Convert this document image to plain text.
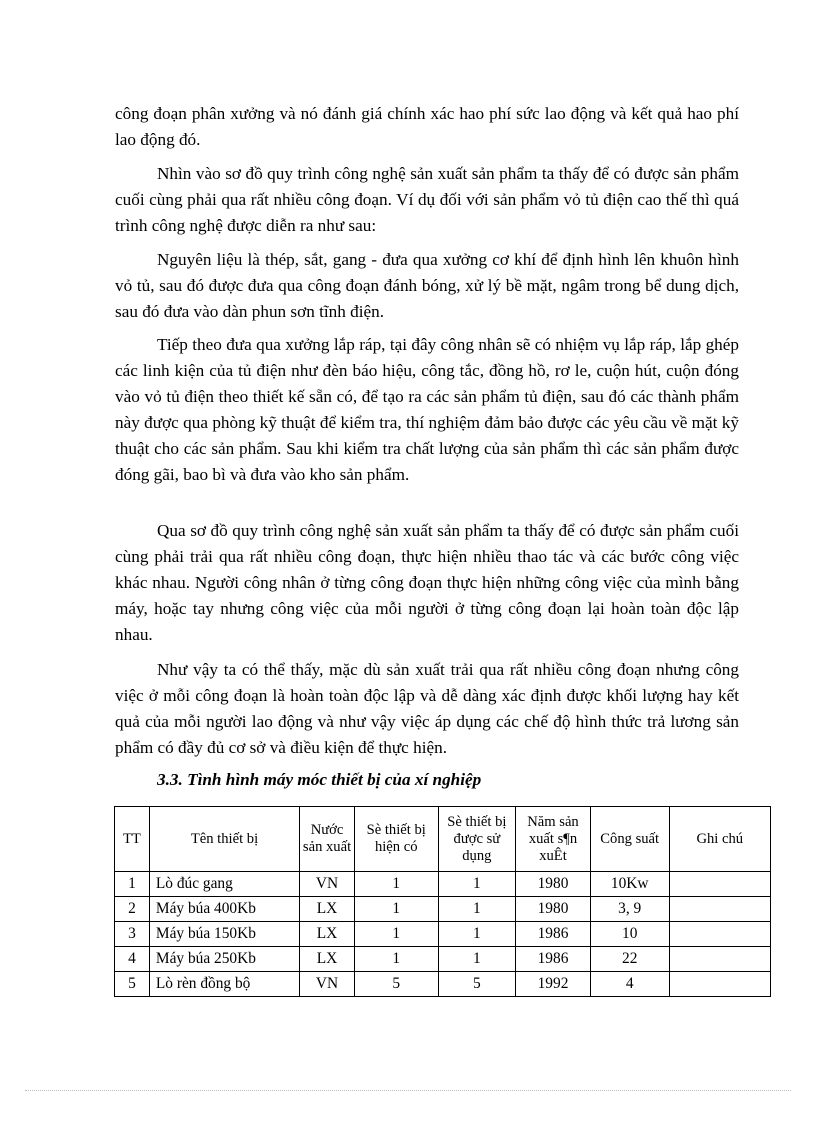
công đoạn phân xưởng và nó đánh giá chính xác hao phí sức lao động và kết quả hao phí lao động đó.

Nhìn vào sơ đồ quy trình công nghệ sản xuất sản phẩm ta thấy để có được sản phẩm cuối cùng phải qua rất nhiều công đoạn. Ví dụ đối với sản phẩm vỏ tủ điện cao thế thì quá trình công nghệ được diễn ra như sau:

Nguyên liệu là thép, sắt, gang - đưa qua xưởng cơ khí để định hình lên khuôn hình vỏ tủ, sau đó được đưa qua công đoạn đánh bóng, xử lý bề mặt, ngâm trong bể dung dịch, sau đó đưa vào dàn phun sơn tĩnh điện.

Tiếp theo đưa qua xưởng lắp ráp, tại đây công nhân sẽ có nhiệm vụ lắp ráp, lắp ghép các linh kiện của tủ điện như đèn báo hiệu, công tắc, đồng hồ, rơ le, cuộn hút, cuộn đóng vào vỏ tủ điện theo thiết kế sẵn có, để tạo ra các sản phẩm tủ điện, sau đó các thành phẩm này được qua phòng kỹ thuật để kiểm tra, thí nghiệm đảm bảo được các yêu cầu về mặt kỹ thuật cho các sản phẩm. Sau khi kiểm tra chất lượng của sản phẩm thì các sản phẩm được đóng gãi, bao bì và đưa vào kho sản phẩm.

Qua sơ đồ quy trình công nghệ sản xuất sản phẩm ta thấy để có được sản phẩm cuối cùng phải trải qua rất nhiều công đoạn, thực hiện nhiều thao tác và các bước công việc khác nhau. Người công nhân ở từng công đoạn thực hiện những công việc của mình bằng máy, hoặc tay nhưng công việc của mỗi người ở từng công đoạn lại hoàn toàn độc lập nhau.

Như vậy ta có thể thấy, mặc dù sản xuất trải qua rất nhiều công đoạn nhưng công việc ở mỗi công đoạn là hoàn toàn độc lập và dễ dàng xác định được khối lượng hay kết quả của mỗi người lao động và như vậy việc áp dụng các chế độ hình thức trả lương sản phẩm có đầy đủ cơ sở và điều kiện để thực hiện.

3.3. Tình hình máy móc thiết bị của xí nghiệp

TT	Tên thiết bị	Nước sản xuất	Sè thiết bị hiện có	Sè thiết bị được sử dụng	Năm sản xuất s¶n xuÊt	Công suất	Ghi chú
1	Lò đúc gang	VN	1	1	1980	10Kw	
2	Máy búa 400Kb	LX	1	1	1980	3, 9	
3	Máy búa 150Kb	LX	1	1	1986	10	
4	Máy búa 250Kb	LX	1	1	1986	22	
5	Lò rèn đồng bộ	VN	5	5	1992	4	
